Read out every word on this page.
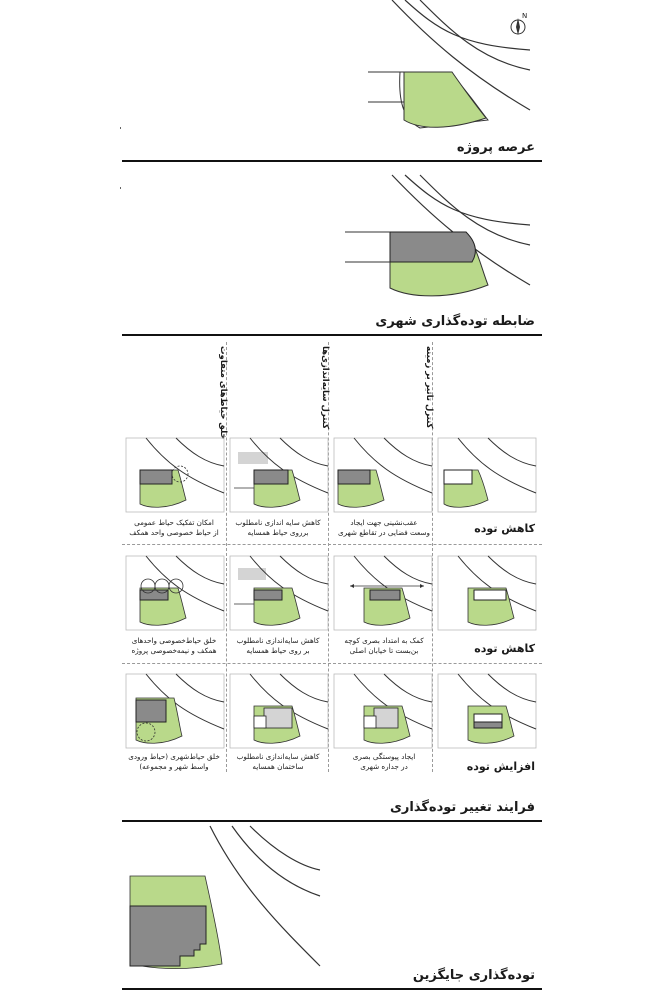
N
عرصه پروژه
ضابطه توده‌گذاری شهری
کنترل تاثیر بر زمینه
کنترل سایه‌اندازی‌ها
خلق حیاط‌های متفاوت
کاهش توده
کاهش توده
افزایش توده
عقب‌نشینی جهت ایجاد
وسعت فضایی در تقاطع شهری
کاهش سایه اندازی نامطلوب
برروی حیاط همسایه
امکان تفکیک حیاط عمومی
از حیاط خصوصی واحد همکف
کمک به امتداد بصری کوچه
بن‌بست تا خیابان اصلی
کاهش سایه‌اندازی نامطلوب
بر روی حیاط همسایه
خلق حیاط‌خصوصی واحدهای
همکف و نیمه‌خصوصی پروژه
ایجاد پیوستگی بصری
در جداره شهری
کاهش سایه‌اندازی نامطلوب
ساختمان همسایه
خلق حیاط‌شهری (حیاط ورودی
واسط شهر و مجموعه)
فرایند تغییر توده‌گذاری
توده‌گذاری جایگزین
